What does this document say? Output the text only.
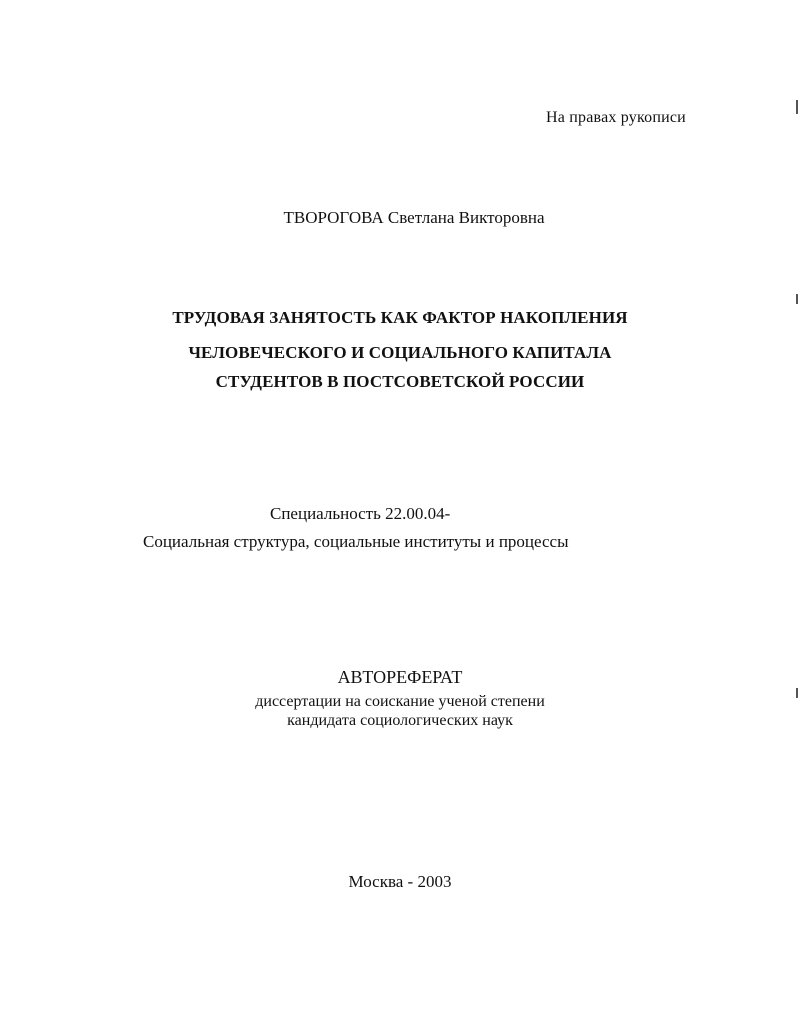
На правах рукописи
ТВОРОГОВА Светлана Викторовна
ТРУДОВАЯ ЗАНЯТОСТЬ КАК ФАКТОР НАКОПЛЕНИЯ
ЧЕЛОВЕЧЕСКОГО И СОЦИАЛЬНОГО КАПИТАЛА
СТУДЕНТОВ В ПОСТСОВЕТСКОЙ РОССИИ
Специальность 22.00.04-
Социальная структура, социальные институты и процессы
АВТОРЕФЕРАТ
диссертации на соискание ученой степени
кандидата социологических наук
Москва - 2003
